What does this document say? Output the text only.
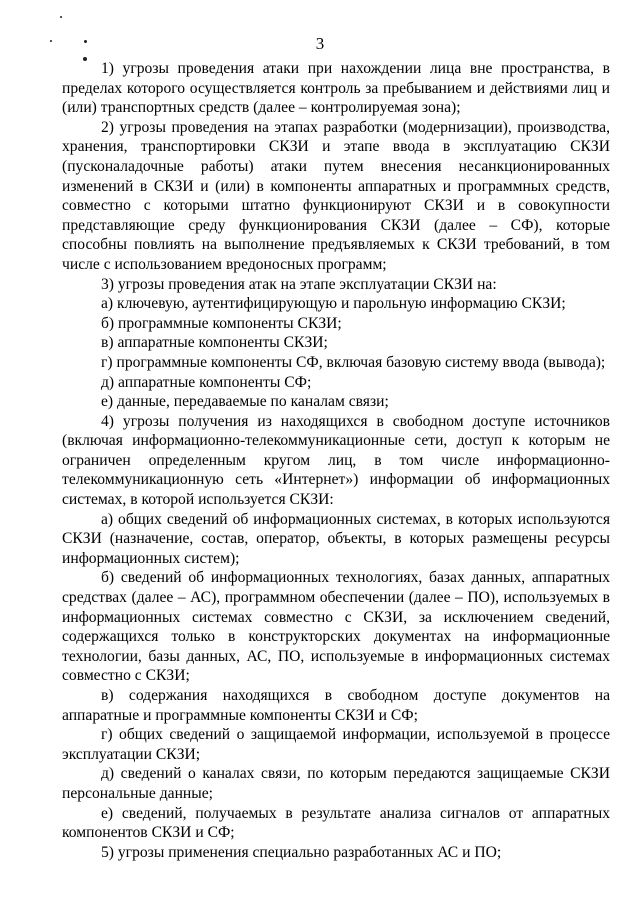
3

1) угрозы проведения атаки при нахождении лица вне пространства, в пределах которого осуществляется контроль за пребыванием и действиями лиц и (или) транспортных средств (далее – контролируемая зона);

2) угрозы проведения на этапах разработки (модернизации), производства, хранения, транспортировки СКЗИ и этапе ввода в эксплуатацию СКЗИ (пусконаладочные работы) атаки путем внесения несанкционированных изменений в СКЗИ и (или) в компоненты аппаратных и программных средств, совместно с которыми штатно функционируют СКЗИ и в совокупности представляющие среду функционирования СКЗИ (далее – СФ), которые способны повлиять на выполнение предъявляемых к СКЗИ требований, в том числе с использованием вредоносных программ;

3) угрозы проведения атак на этапе эксплуатации СКЗИ на:

а) ключевую, аутентифицирующую и парольную информацию СКЗИ;

б) программные компоненты СКЗИ;

в) аппаратные компоненты СКЗИ;

г) программные компоненты СФ, включая базовую систему ввода (вывода);

д) аппаратные компоненты СФ;

е) данные, передаваемые по каналам связи;

4) угрозы получения из находящихся в свободном доступе источников (включая информационно-телекоммуникационные сети, доступ к которым не ограничен определенным кругом лиц, в том числе информационно-телекоммуникационную сеть «Интернет») информации об информационных системах, в которой используется СКЗИ:

а) общих сведений об информационных системах, в которых используются СКЗИ (назначение, состав, оператор, объекты, в которых размещены ресурсы информационных систем);

б) сведений об информационных технологиях, базах данных, аппаратных средствах (далее – АС), программном обеспечении (далее – ПО), используемых в информационных системах совместно с СКЗИ, за исключением сведений, содержащихся только в конструкторских документах на информационные технологии, базы данных, АС, ПО, используемые в информационных системах совместно с СКЗИ;

в) содержания находящихся в свободном доступе документов на аппаратные и программные компоненты СКЗИ и СФ;

г) общих сведений о защищаемой информации, используемой в процессе эксплуатации СКЗИ;

д) сведений о каналах связи, по которым передаются защищаемые СКЗИ персональные данные;

е) сведений, получаемых в результате анализа сигналов от аппаратных компонентов СКЗИ и СФ;

5) угрозы применения специально разработанных АС и ПО;
